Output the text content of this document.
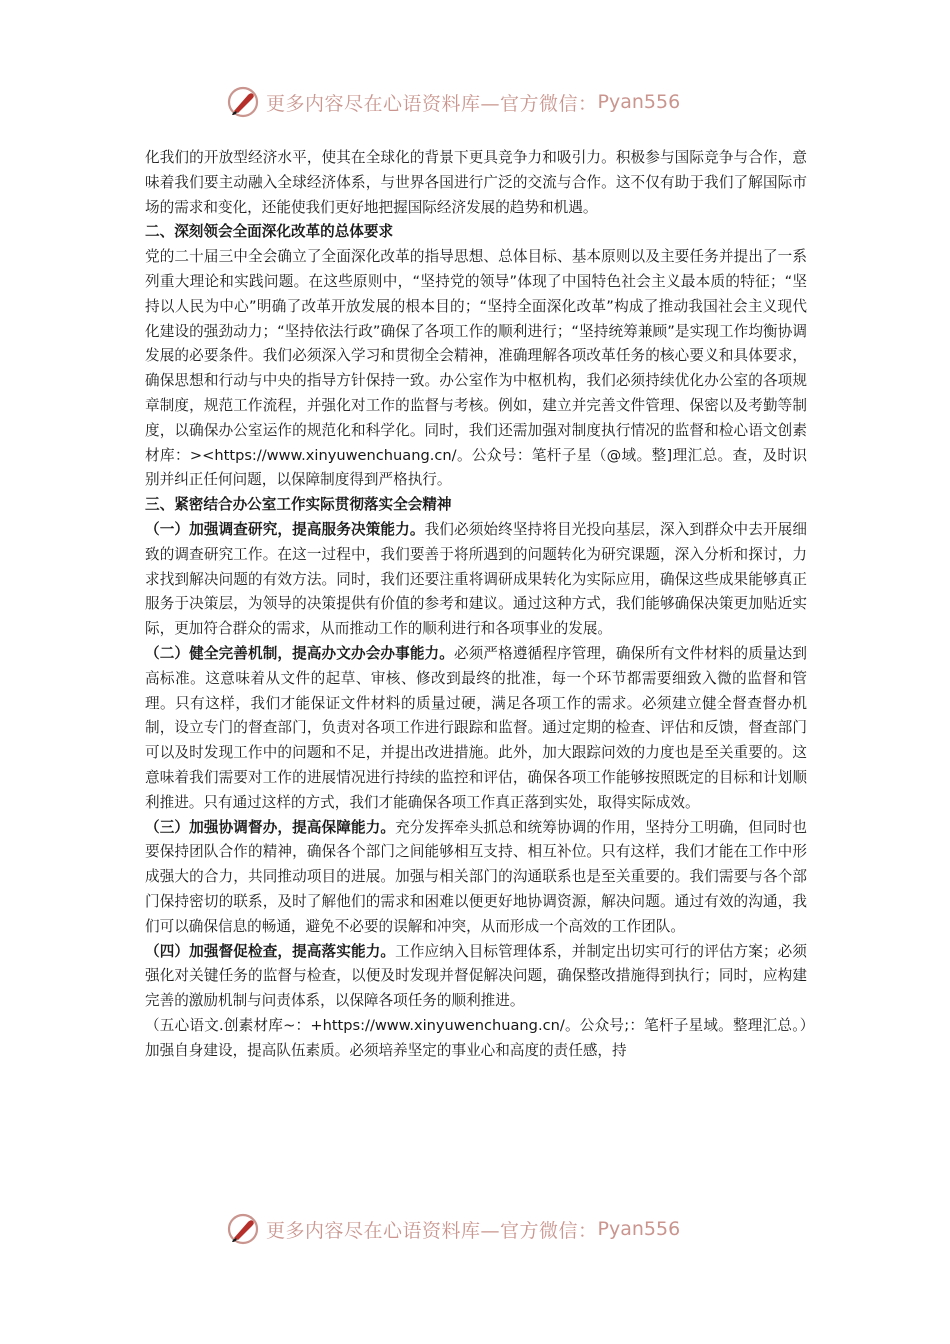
更多内容尽在心语资料库—官方微信： Pyan556

化我们的开放型经济水平，使其在全球化的背景下更具竞争力和吸引力。积极参与国际竞争与合作，意味着我们要主动融入全球经济体系，与世界各国进行广泛的交流与合作。这不仅有助于我们了解国际市场的需求和变化，还能使我们更好地把握国际经济发展的趋势和机遇。

二、深刻领会全面深化改革的总体要求

党的二十届三中全会确立了全面深化改革的指导思想、总体目标、基本原则以及主要任务并提出了一系列重大理论和实践问题。在这些原则中，“坚持党的领导”体现了中国特色社会主义最本质的特征；“坚持以人民为中心”明确了改革开放发展的根本目的；“坚持全面深化改革”构成了推动我国社会主义现代化建设的强劲动力；“坚持依法行政”确保了各项工作的顺利进行；“坚持统筹兼顾”是实现工作均衡协调发展的必要条件。我们必须深入学习和贯彻全会精神，准确理解各项改革任务的核心要义和具体要求，确保思想和行动与中央的指导方针保持一致。办公室作为中枢机构，我们必须持续优化办公室的各项规章制度，规范工作流程，并强化对工作的监督与考核。例如，建立并完善文件管理、保密以及考勤等制度，以确保办公室运作的规范化和科学化。同时，我们还需加强对制度执行情况的监督和检心语文创素材库：><https://www.xinyuwenchuang.cn/。公众号：笔杆子星（@域。整]理汇总。查，及时识别并纠正任何问题，以保障制度得到严格执行。

三、紧密结合办公室工作实际贯彻落实全会精神

（一）加强调查研究，提高服务决策能力。我们必须始终坚持将目光投向基层，深入到群众中去开展细致的调查研究工作。在这一过程中，我们要善于将所遇到的问题转化为研究课题，深入分析和探讨，力求找到解决问题的有效方法。同时，我们还要注重将调研成果转化为实际应用，确保这些成果能够真正服务于决策层，为领导的决策提供有价值的参考和建议。通过这种方式，我们能够确保决策更加贴近实际，更加符合群众的需求，从而推动工作的顺利进行和各项事业的发展。

（二）健全完善机制，提高办文办会办事能力。必须严格遵循程序管理，确保所有文件材料的质量达到高标准。这意味着从文件的起草、审核、修改到最终的批准，每一个环节都需要细致入微的监督和管理。只有这样，我们才能保证文件材料的质量过硬，满足各项工作的需求。必须建立健全督查督办机制，设立专门的督查部门，负责对各项工作进行跟踪和监督。通过定期的检查、评估和反馈，督查部门可以及时发现工作中的问题和不足，并提出改进措施。此外，加大跟踪问效的力度也是至关重要的。这意味着我们需要对工作的进展情况进行持续的监控和评估，确保各项工作能够按照既定的目标和计划顺利推进。只有通过这样的方式，我们才能确保各项工作真正落到实处，取得实际成效。

（三）加强协调督办，提高保障能力。充分发挥牵头抓总和统筹协调的作用，坚持分工明确，但同时也要保持团队合作的精神，确保各个部门之间能够相互支持、相互补位。只有这样，我们才能在工作中形成强大的合力，共同推动项目的进展。加强与相关部门的沟通联系也是至关重要的。我们需要与各个部门保持密切的联系，及时了解他们的需求和困难以便更好地协调资源，解决问题。通过有效的沟通，我们可以确保信息的畅通，避免不必要的误解和冲突，从而形成一个高效的工作团队。

（四）加强督促检查，提高落实能力。工作应纳入目标管理体系，并制定出切实可行的评估方案；必须强化对关键任务的监督与检查，以便及时发现并督促解决问题，确保整改措施得到执行；同时，应构建完善的激励机制与问责体系，以保障各项任务的顺利推进。

（五心语文.创素材库~：+https://www.xinyuwenchuang.cn/。公众号;：笔杆子星域。整理汇总。）加强自身建设，提高队伍素质。必须培养坚定的事业心和高度的责任感，持

更多内容尽在心语资料库—官方微信： Pyan556
